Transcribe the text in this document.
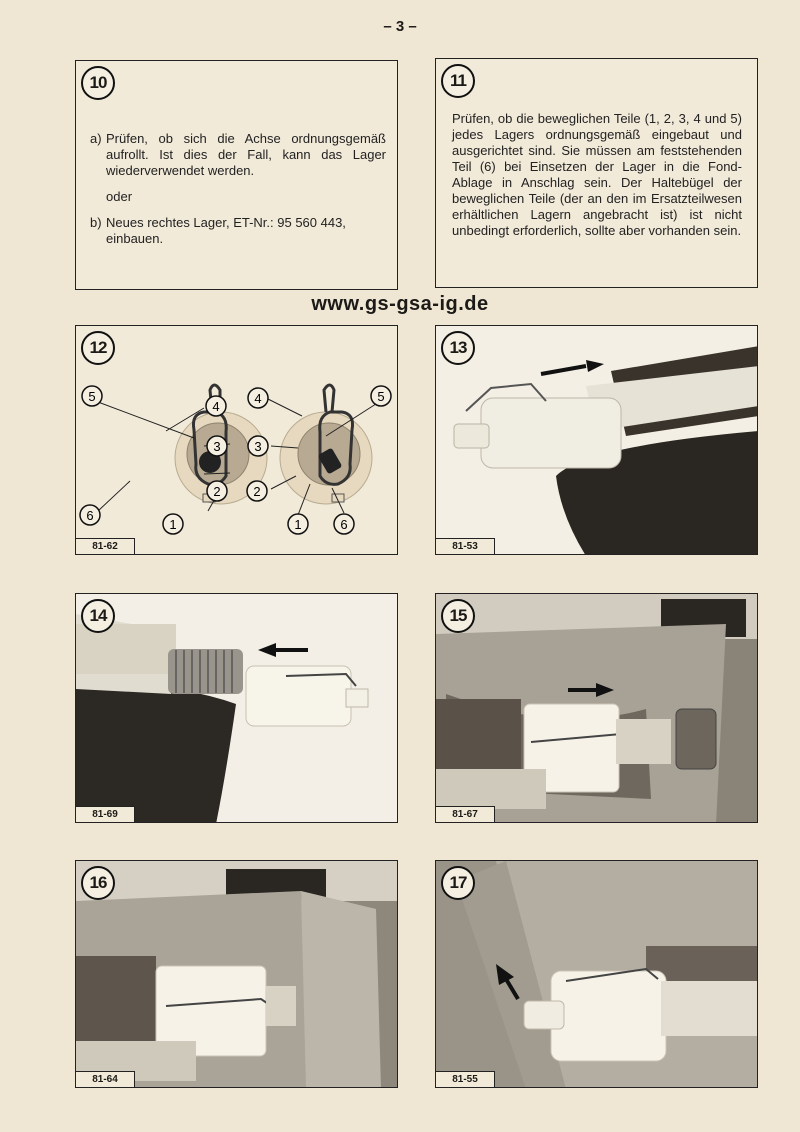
– 3 –
10

a) Prüfen, ob sich die Achse ordnungsgemäß aufrollt. Ist dies der Fall, kann das Lager wiederverwendet werden.

oder

b) Neues rechtes Lager, ET-Nr.: 95 560 443, einbauen.

11
Prüfen, ob die beweglichen Teile (1, 2, 3, 4 und 5) jedes Lagers ordnungsgemäß eingebaut und ausgerichtet sind. Sie müssen am feststehenden Teil (6) bei Einsetzen der Lager in die Fond-Ablage in Anschlag sein. Der Haltebügel der beweglichen Teile (der an den im Ersatzteilwesen erhältlichen Lagern angebracht ist) ist nicht unbedingt erforderlich, sollte aber vorhanden sein.
www.gs-gsa-ig.de
12
5
4
3
2
6
1
4	5
3
2
1	6
81-62
13
81-53
14
81-69
15
81-67
16
81-64
17
81-55
